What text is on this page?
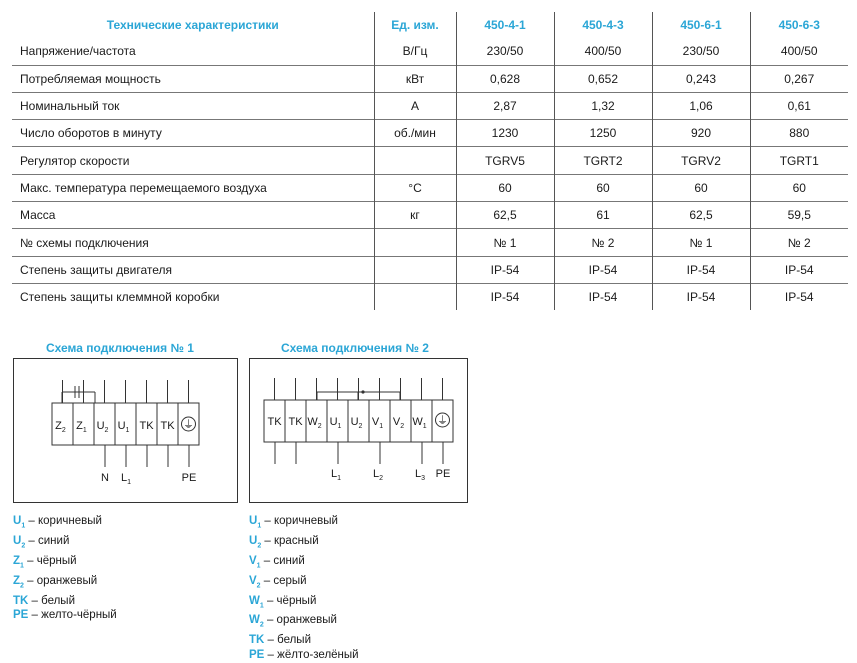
Технические характеристики	Ед. изм.	450-4-1	450-4-3	450-6-1	450-6-3
Напряжение/частота	В/Гц	230/50	400/50	230/50	400/50
Потребляемая мощность	кВт	0,628	0,652	0,243	0,267
Номинальный ток	А	2,87	1,32	1,06	0,61
Число оборотов в минуту	об./мин	1230	1250	920	880
Регулятор скорости		TGRV5	TGRT2	TGRV2	TGRT1
Макс. температура перемещаемого воздуха	°C	60	60	60	60
Масса	кг	62,5	61	62,5	59,5
№ схемы подключения		№ 1	№ 2	№ 1	№ 2
Степень защиты двигателя		IP-54	IP-54	IP-54	IP-54
Степень защиты клеммной коробки		IP-54	IP-54	IP-54	IP-54
Схема подключения № 1	Схема подключения № 2
$Z_2$ $Z_1$ $U_2$ $U_1$ TK TK ⏚
N $L_1$	PE
TK TK $W_2$ $U_1$ $U_2$ $V_1$ $V_2$ $W_1$ ⏚
$L_1$	$L_2$	$L_3$ PE
$U_1$ – коричневый
$U_2$ – синий
$Z_1$ – чёрный
$Z_2$ – оранжевый
TK – белый
PE – желто-чёрный
$U_1$ – коричневый
$U_2$ – красный
$V_1$ – синий
$V_2$ – серый
$W_1$ – чёрный
$W_2$ – оранжевый
TK – белый
PE – жёлто-зелёный
